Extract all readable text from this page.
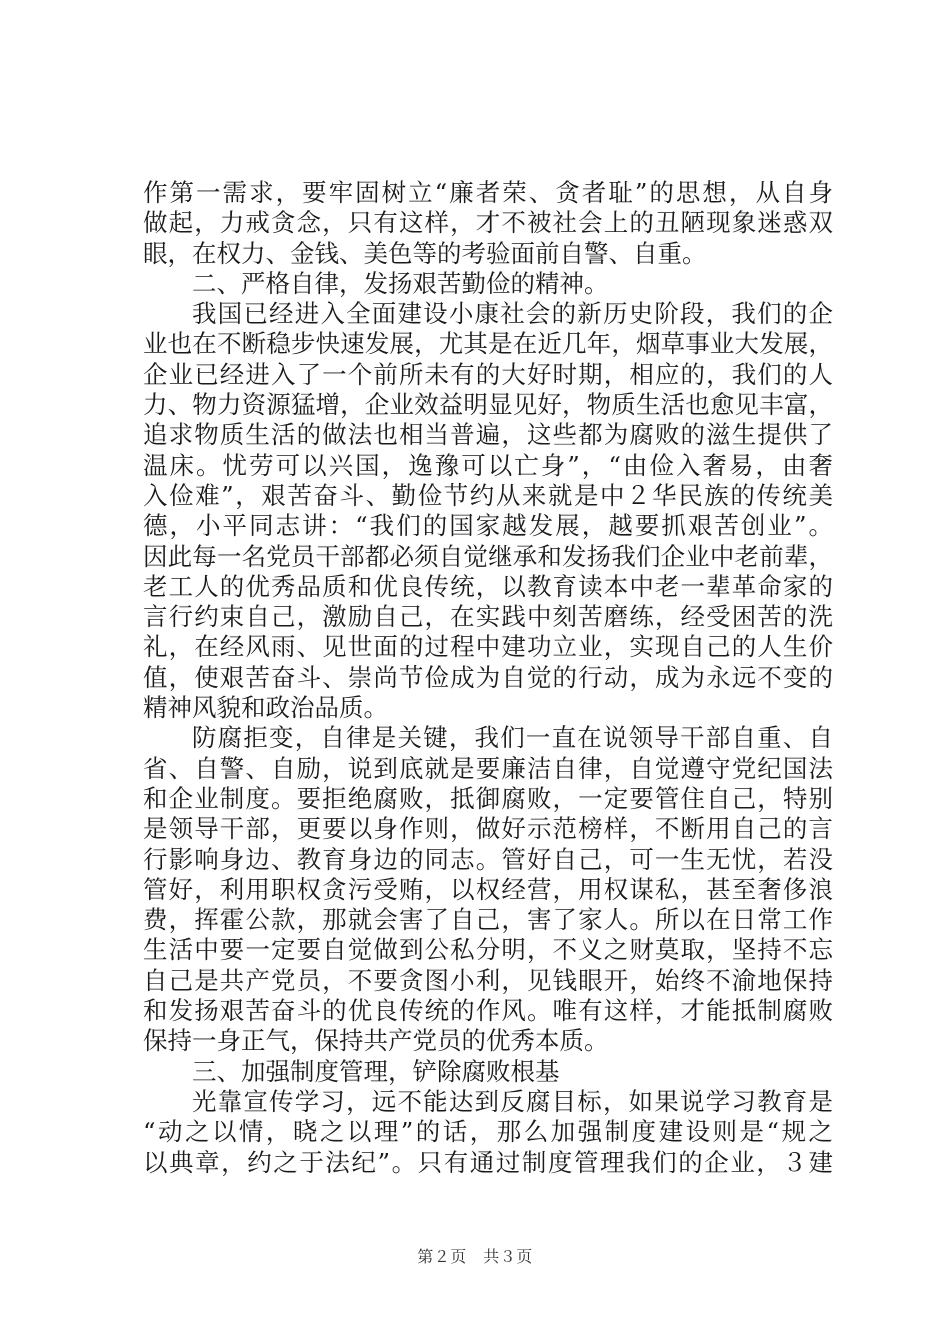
作第一需求，要牢固树立“廉者荣、贪者耻”的思想，从自身
做起，力戒贪念，只有这样，才不被社会上的丑陋现象迷惑双
眼，在权力、金钱、美色等的考验面前自警、自重。
二、严格自律，发扬艰苦勤俭的精神。
我国已经进入全面建设小康社会的新历史阶段，我们的企
业也在不断稳步快速发展，尤其是在近几年，烟草事业大发展，
企业已经进入了一个前所未有的大好时期，相应的，我们的人
力、物力资源猛增，企业效益明显见好，物质生活也愈见丰富，
追求物质生活的做法也相当普遍，这些都为腐败的滋生提供了
温床。忧劳可以兴国，逸豫可以亡身”，“由俭入奢易，由奢
入俭难”，艰苦奋斗、勤俭节约从来就是中２华民族的传统美
德，小平同志讲：“我们的国家越发展，越要抓艰苦创业”。
因此每一名党员干部都必须自觉继承和发扬我们企业中老前辈，
老工人的优秀品质和优良传统，以教育读本中老一辈革命家的
言行约束自己，激励自己，在实践中刻苦磨练，经受困苦的洗
礼，在经风雨、见世面的过程中建功立业，实现自己的人生价
值，使艰苦奋斗、崇尚节俭成为自觉的行动，成为永远不变的
精神风貌和政治品质。
防腐拒变，自律是关键，我们一直在说领导干部自重、自
省、自警、自励，说到底就是要廉洁自律，自觉遵守党纪国法
和企业制度。要拒绝腐败，抵御腐败，一定要管住自己，特别
是领导干部，更要以身作则，做好示范榜样，不断用自己的言
行影响身边、教育身边的同志。管好自己，可一生无忧，若没
管好，利用职权贪污受贿，以权经营，用权谋私，甚至奢侈浪
费，挥霍公款，那就会害了自己，害了家人。所以在日常工作
生活中要一定要自觉做到公私分明，不义之财莫取，坚持不忘
自己是共产党员，不要贪图小利，见钱眼开，始终不渝地保持
和发扬艰苦奋斗的优良传统的作风。唯有这样，才能抵制腐败
保持一身正气，保持共产党员的优秀本质。
三、加强制度管理，铲除腐败根基
光靠宣传学习，远不能达到反腐目标，如果说学习教育是
“动之以情，晓之以理”的话，那么加强制度建设则是“规之
以典章，约之于法纪”。只有通过制度管理我们的企业，３建
第２页　共３页
